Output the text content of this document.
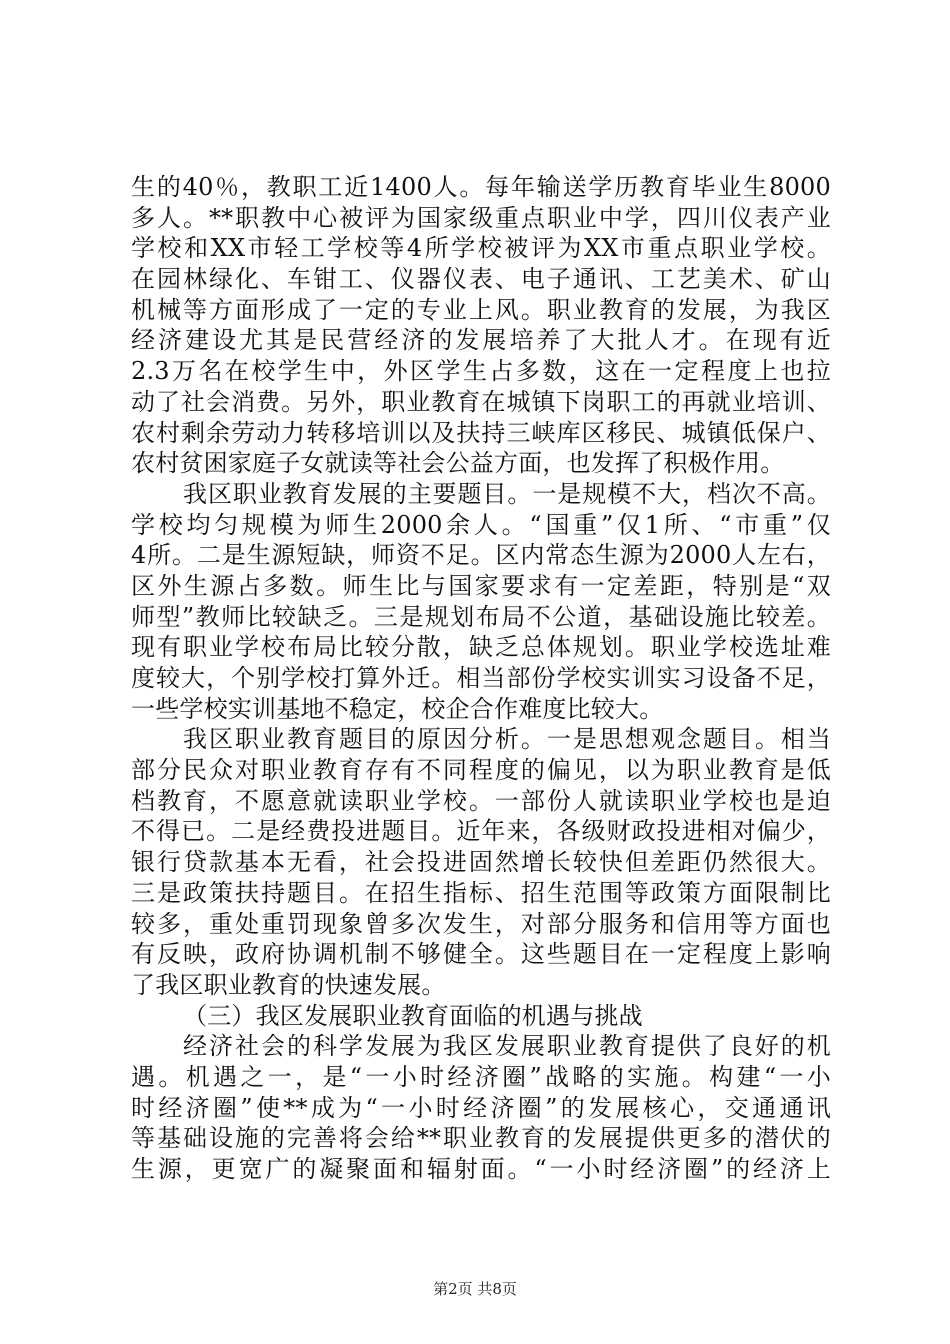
生的40％，教职工近1400人。每年输送学历教育毕业生8000
多人。**职教中心被评为国家级重点职业中学，四川仪表产业
学校和XX市轻工学校等4所学校被评为XX市重点职业学校。
在园林绿化、车钳工、仪器仪表、电子通讯、工艺美术、矿山
机械等方面形成了一定的专业上风。职业教育的发展，为我区
经济建设尤其是民营经济的发展培养了大批人才。在现有近
2.3万名在校学生中，外区学生占多数，这在一定程度上也拉
动了社会消费。另外，职业教育在城镇下岗职工的再就业培训、
农村剩余劳动力转移培训以及扶持三峡库区移民、城镇低保户、
农村贫困家庭子女就读等社会公益方面，也发挥了积极作用。
我区职业教育发展的主要题目。一是规模不大，档次不高。
学校均匀规模为师生2000余人。“国重”仅1所、“市重”仅
4所。二是生源短缺，师资不足。区内常态生源为2000人左右，
区外生源占多数。师生比与国家要求有一定差距，特别是“双
师型”教师比较缺乏。三是规划布局不公道，基础设施比较差。
现有职业学校布局比较分散，缺乏总体规划。职业学校选址难
度较大，个别学校打算外迁。相当部份学校实训实习设备不足，
一些学校实训基地不稳定，校企合作难度比较大。
我区职业教育题目的原因分析。一是思想观念题目。相当
部分民众对职业教育存有不同程度的偏见，以为职业教育是低
档教育，不愿意就读职业学校。一部份人就读职业学校也是迫
不得已。二是经费投进题目。近年来，各级财政投进相对偏少，
银行贷款基本无看，社会投进固然增长较快但差距仍然很大。
三是政策扶持题目。在招生指标、招生范围等政策方面限制比
较多，重处重罚现象曾多次发生，对部分服务和信用等方面也
有反映，政府协调机制不够健全。这些题目在一定程度上影响
了我区职业教育的快速发展。
（三）我区发展职业教育面临的机遇与挑战
经济社会的科学发展为我区发展职业教育提供了良好的机
遇。机遇之一，是“一小时经济圈”战略的实施。构建“一小
时经济圈”使**成为“一小时经济圈”的发展核心，交通通讯
等基础设施的完善将会给**职业教育的发展提供更多的潜伏的
生源，更宽广的凝聚面和辐射面。“一小时经济圈”的经济上
第2页 共8页
